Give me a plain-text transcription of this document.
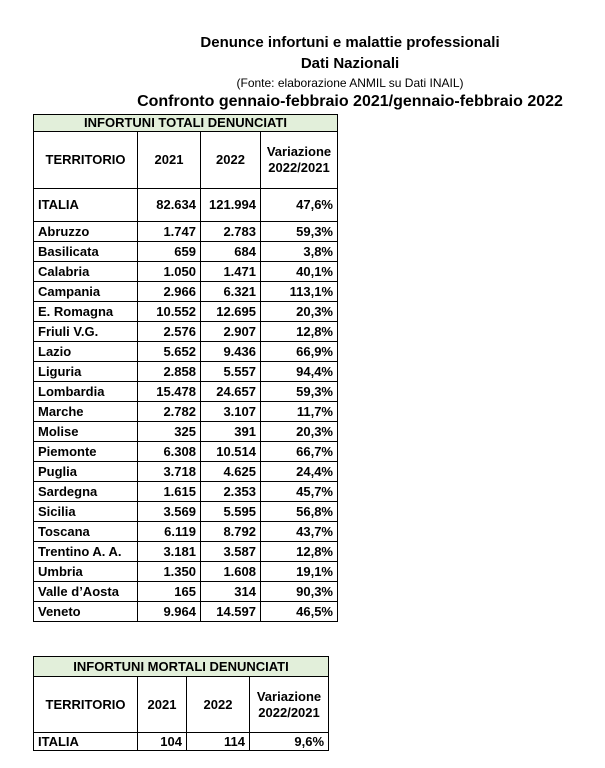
Denunce infortuni e malattie professionali
Dati Nazionali
(Fonte: elaborazione ANMIL su Dati INAIL)
Confronto gennaio-febbraio 2021/gennaio-febbraio 2022
INFORTUNI TOTALI DENUNCIATI			
TERRITORIO	2021	2022	Variazione 2022/2021
ITALIA	82.634	121.994	47,6%
Abruzzo	1.747	2.783	59,3%
Basilicata	659	684	3,8%
Calabria	1.050	1.471	40,1%
Campania	2.966	6.321	113,1%
E. Romagna	10.552	12.695	20,3%
Friuli V.G.	2.576	2.907	12,8%
Lazio	5.652	9.436	66,9%
Liguria	2.858	5.557	94,4%
Lombardia	15.478	24.657	59,3%
Marche	2.782	3.107	11,7%
Molise	325	391	20,3%
Piemonte	6.308	10.514	66,7%
Puglia	3.718	4.625	24,4%
Sardegna	1.615	2.353	45,7%
Sicilia	3.569	5.595	56,8%
Toscana	6.119	8.792	43,7%
Trentino A. A.	3.181	3.587	12,8%
Umbria	1.350	1.608	19,1%
Valle d’Aosta	165	314	90,3%
Veneto	9.964	14.597	46,5%
INFORTUNI MORTALI DENUNCIATI			
TERRITORIO	2021	2022	Variazione 2022/2021
ITALIA	104	114	9,6%
